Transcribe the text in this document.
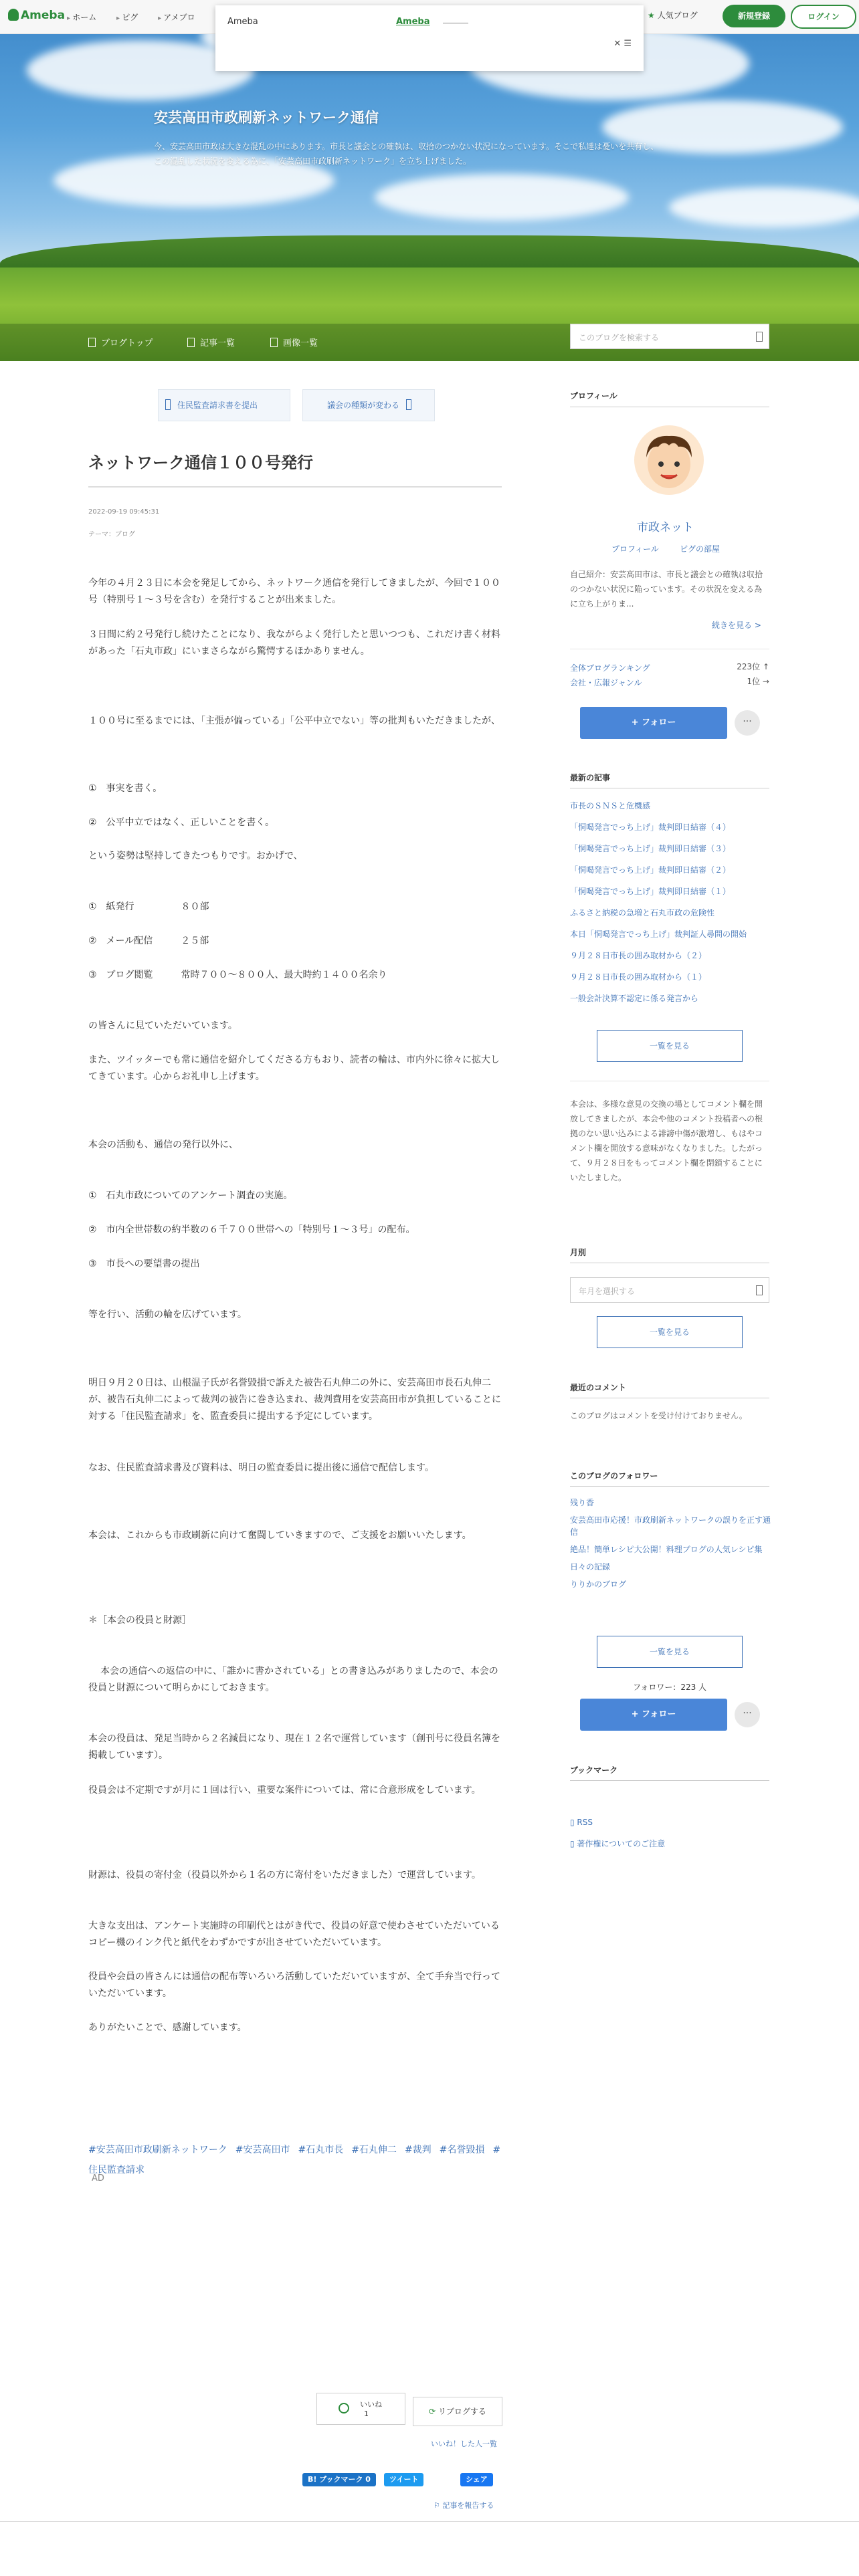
安芸高田市政刷新ネットワーク通信
今、安芸高田市政は大きな混乱の中にあります。市長と議会との確執は、収拾のつかない状況になっています。そこで私達は憂いを共有し、この混乱した状況を変える為に、「安芸高田市政刷新ネットワーク」を立ち上げました。
ブログトップ	記事一覧	画像一覧
このブログを検索する
Ameba ▸ ホーム	▸ ピグ	▸ アメブロ	Ameba	Ameba
✕ ☰
★ 人気ブログ	新規登録	ログイン
住民監査請求書を提出	議会の種類が変わる
ネットワーク通信１００号発行
2022-09-19 09:45:31
テーマ：ブログ
今年の４月２３日に本会を発足してから、ネットワーク通信を発行してきましたが、今回で１００号（特別号１～３号を含む）を発行することが出来ました。
３日間に約２号発行し続けたことになり、我ながらよく発行したと思いつつも、これだけ書く材料があった「石丸市政」にいまさらながら驚愕するほかありません。
１００号に至るまでには、「主張が偏っている」「公平中立でない」等の批判もいただきましたが、
①　事実を書く。
②　公平中立ではなく、正しいことを書く。
という姿勢は堅持してきたつもりです。おかげで、
①　紙発行　　　　　８０部
②　メール配信　　　２５部
③　ブログ閲覧　　　常時７００～８００人、最大時約１４００名余り
の皆さんに見ていただいています。
また、ツイッターでも常に通信を紹介してくださる方もおり、読者の輪は、市内外に徐々に拡大してきています。心からお礼申し上げます。
本会の活動も、通信の発行以外に、
①　石丸市政についてのアンケート調査の実施。
②　市内全世帯数の約半数の６千７００世帯への「特別号１～３号」の配布。
③　市長への要望書の提出
等を行い、活動の輪を広げています。
明日９月２０日は、山根温子氏が名誉毀損で訴えた被告石丸伸二の外に、安芸高田市長石丸伸二が、被告石丸伸二によって裁判の被告に巻き込まれ、裁判費用を安芸高田市が負担していることに対する「住民監査請求」を、監査委員に提出する予定にしています。
なお、住民監査請求書及び資料は、明日の監査委員に提出後に通信で配信します。
本会は、これからも市政刷新に向けて奮闘していきますので、ご支援をお願いいたします。
＊［本会の役員と財源］
本会の通信への返信の中に、「誰かに書かされている」との書き込みがありましたので、本会の役員と財源について明らかにしておきます。
本会の役員は、発足当時から２名減員になり、現在１２名で運営しています（創刊号に役員名簿を掲載しています）。
役員会は不定期ですが月に１回は行い、重要な案件については、常に合意形成をしています。
財源は、役員の寄付金（役員以外から１名の方に寄付をいただきました）で運営しています。
大きな支出は、アンケート実施時の印刷代とはがき代で、役員の好意で使わさせていただいているコピー機のインク代と紙代をわずかですが出させていただいています。
役員や会員の皆さんには通信の配布等いろいろ活動していただいていますが、全て手弁当で行っていただいています。
ありがたいことで、感謝しています。
#安芸高田市政刷新ネットワーク #安芸高田市 #石丸市長 #石丸伸二 #裁判 #名誉毀損 #住民監査請求
AD
いいね
1	⟳ リブログする
いいね！した人一覧
B! ブックマーク 0	ツイート	シェア
⚐ 記事を報告する
プロフィール
市政ネット
プロフィール	ピグの部屋
自己紹介：安芸高田市は、市長と議会との確執は収拾のつかない状況に陥っています。その状況を変える為に立ち上がりま...
続きを見る >
全体ブログランキング	223位 ↑
会社・広報ジャンル	1位 →
+ フォロー	···
最新の記事
市長のＳＮＳと危機感
「恫喝発言でっち上げ」裁判即日結審（４）
「恫喝発言でっち上げ」裁判即日結審（３）
「恫喝発言でっち上げ」裁判即日結審（２）
「恫喝発言でっち上げ」裁判即日結審（１）
ふるさと納税の急増と石丸市政の危険性
本日「恫喝発言でっち上げ」裁判証人尋問の開始
９月２８日市長の囲み取材から（２）
９月２８日市長の囲み取材から（１）
一般会計決算不認定に係る発言から
一覧を見る
本会は、多様な意見の交換の場としてコメント欄を開放してきましたが、本会や他のコメント投稿者への根拠のない思い込みによる誹謗中傷が激増し、もはやコメント欄を開放する意味がなくなりました。したがって、９月２８日をもってコメント欄を閉鎖することにいたしました。
月別
年月を選択する
一覧を見る
最近のコメント
このブログはコメントを受け付けておりません。
このブログのフォロワー
残り香
安芸高田市応援！市政刷新ネットワークの誤りを正す通信
絶品！簡単レシピ大公開！料理ブログの人気レシピ集
日々の記録
りりかのブログ
一覧を見る
フォロワー：223 人
+ フォロー	···
ブックマーク
▯ RSS
▯ 著作権についてのご注意
